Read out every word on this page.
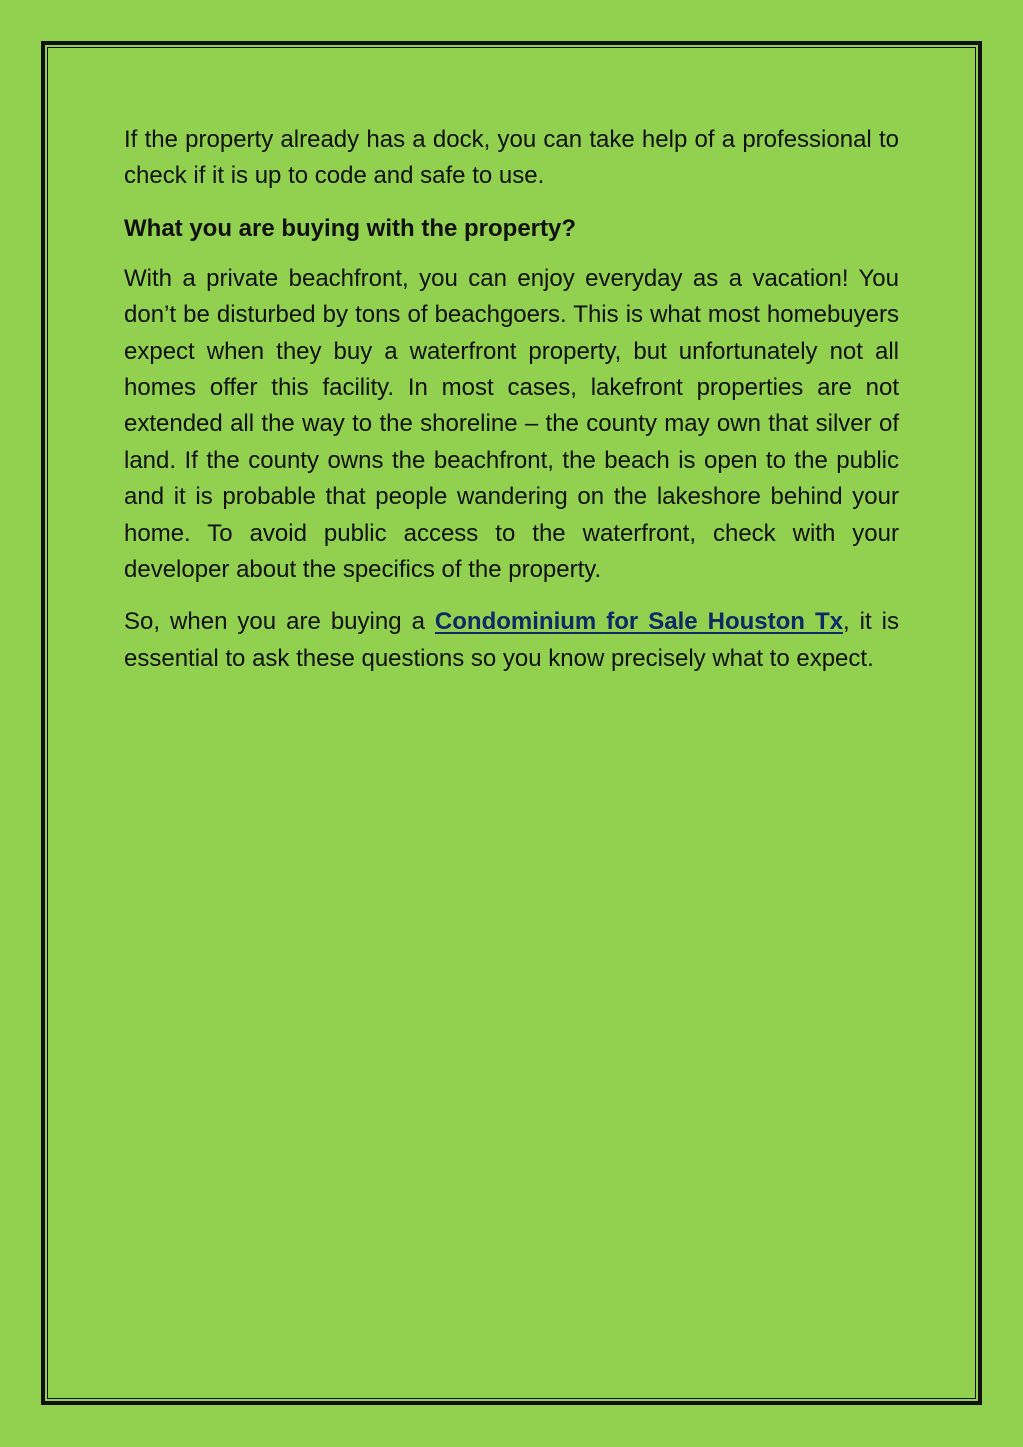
If the property already has a dock, you can take help of a professional to check if it is up to code and safe to use.

What you are buying with the property?

With a private beachfront, you can enjoy everyday as a vacation! You don’t be disturbed by tons of beachgoers. This is what most homebuyers expect when they buy a waterfront property, but unfortunately not all homes offer this facility. In most cases, lakefront properties are not extended all the way to the shoreline – the county may own that silver of land. If the county owns the beachfront, the beach is open to the public and it is probable that people wandering on the lakeshore behind your home. To avoid public access to the waterfront, check with your developer about the specifics of the property.

So, when you are buying a Condominium for Sale Houston Tx, it is essential to ask these questions so you know precisely what to expect.
